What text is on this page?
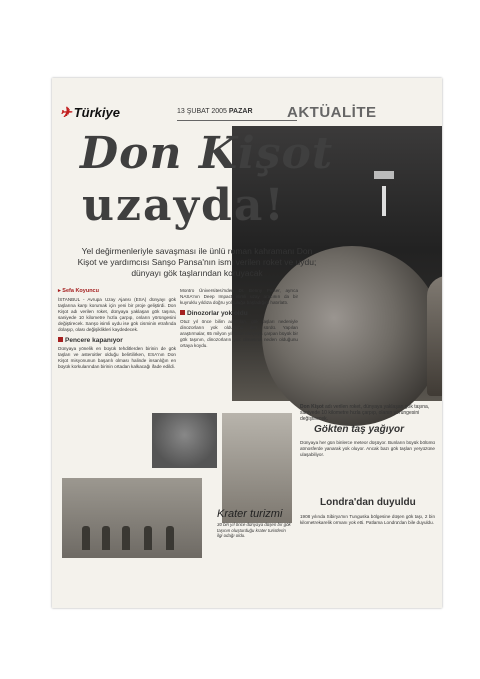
✈ Türkiye	13 ŞUBAT 2005 PAZAR AKTÜALİTE
Don Kişot
uzayda!
Yel değirmenleriyle savaşması ile ünlü roman kahramanı Don Kişot ve yardımcısı Sanşo Pansa'nın ismi verilen roket ve uydu; dünyayı gök taşlarından koruyacak
▸ Sefa Koyuncu
İSTANBUL - Avrupa Uzay Ajansı (ESA) dünyayı gök taşlarına karşı korumak için yeni bir proje geliştirdi. Don Kişot adı verilen roket, dünyaya yaklaşan gök taşına, saniyede 10 kilometre hızla çarpıp, onların yörüngesini değiştirecek. Sanşo isimli uydu ise gök cisminin etrafında dolaşıp, olası değişiklikleri kaydedecek.
Pencere kapanıyor
Dünyaya yönelik en büyük tehditlerden birinin de gök taşları ve asteroitler olduğu belirtilirken, ESA'nın Don Kişot misyonunun başarılı olması halinde insanlığın en büyük korkularından birinin ortadan kalkacağı ifade edildi.
Montro Üniversitesi'nden Dr. Benny Peiser, ayrıca NASA'nın Deep Impact isimli uzay aracının da bir kuyruklu yıldıza doğru yolculuğa başladığını hatırlattı.
Dinozorlar yok oldu
Otuz yıl önce bilim adamları, gök taşları nedeniyle dinozorların yok olduğunu ileri sürdü. Yapılan araştırmalar, 65 milyon yıl önce dünyaya çarpan büyük bir gök taşının, dinozorların yok olmasına neden olduğunu ortaya koydu.
Krater turizmi
30 bin yıl önce dünyaya düşen bir gök taşının oluşturduğu krater turistlerin ilgi odağı oldu.
Don Kişot adı verilen roket, dünyaya yaklaşan gök taşına, saniyede 10 kilometre hızla çarpıp, olanın yörüngesini değiştirecek.
Gökten taş yağıyor
Dünyaya her gün binlerce meteor düşüyor. Bunların büyük bölümü atmosferde yanarak yok oluyor. Ancak bazı gök taşları yeryüzüne ulaşabiliyor.
Londra'dan duyuldu
1908 yılında Sibirya'nın Tunguska bölgesine düşen gök taşı, 2 bin kilometrekarelik ormanı yok etti. Patlama Londra'dan bile duyuldu.
